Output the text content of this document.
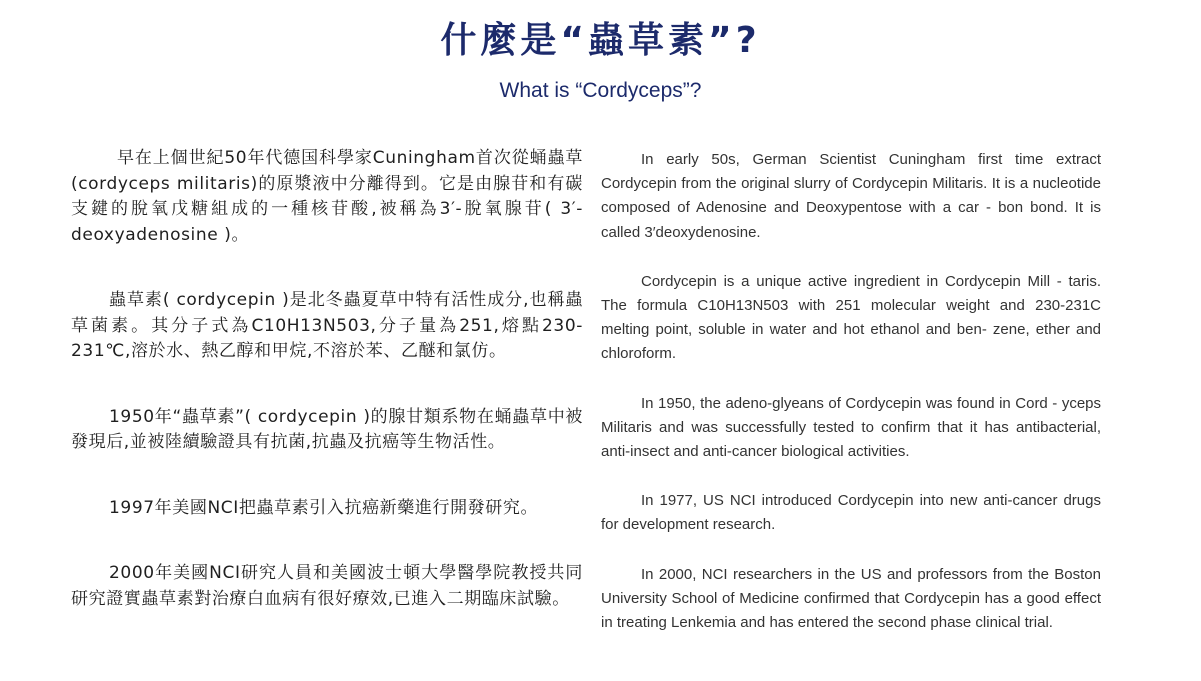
什麼是“蟲草素”?
What is “Cordyceps”?

早在上個世紀50年代德国科學家Cuningham首次從蛹蟲草(cordyceps militaris)的原漿液中分離得到。它是由腺苷和有碳支鍵的脫氧戊糖組成的一種核苷酸,被稱為3′-脫氧腺苷( 3′-deoxyadenosine )。

蟲草素( cordycepin )是北冬蟲夏草中特有活性成分,也稱蟲草菌素。其分子式為C10H13N503,分子量為251,熔點230-231℃,溶於水、熱乙醇和甲烷,不溶於苯、乙醚和氯仿。

1950年“蟲草素”( cordycepin )的腺甘類系物在蛹蟲草中被發現后,並被陸續驗證具有抗菌,抗蟲及抗癌等生物活性。

1997年美國NCI把蟲草素引入抗癌新藥進行開發研究。

2000年美國NCI研究人員和美國波士頓大學醫學院教授共同研究證實蟲草素對治療白血病有很好療效,已進入二期臨床試驗。

In early 50s, German Scientist Cuningham first time extract Cordycepin from the original slurry of Cordycepin Militaris. It is a nucleotide composed of Adenosine and Deoxypentose with a car - bon bond. It is called 3′deoxydenosine.

Cordycepin is a unique active ingredient in Cordycepin Mill - taris. The formula C10H13N503 with 251 molecular weight and 230-231C melting point, soluble in water and hot ethanol and ben- zene, ether and chloroform.

In 1950, the adeno-glyeans of Cordycepin was found in Cord - yceps Militaris and was successfully tested to confirm that it has antibacterial, anti-insect and anti-cancer biological activities.

In 1977, US NCI introduced Cordycepin into new anti-cancer drugs for development research.

In 2000, NCI researchers in the US and professors from the Boston University School of Medicine confirmed that Cordycepin has a good effect in treating Lenkemia and has entered the second phase clinical trial.
